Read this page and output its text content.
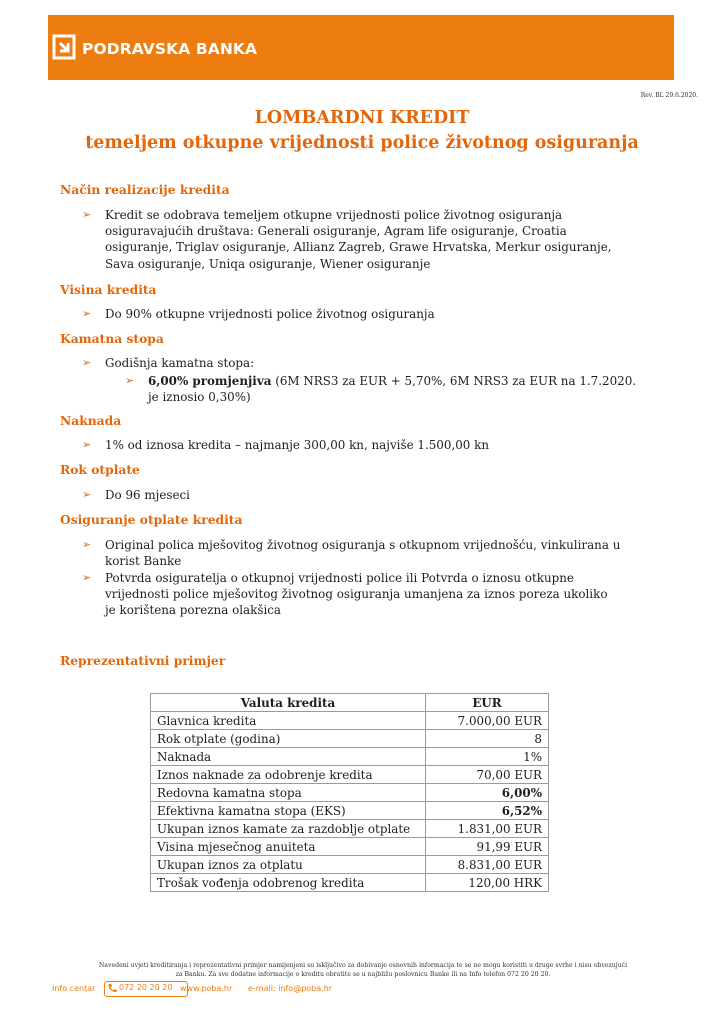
PODRAVSKA BANKA
Rev. BL 29.6.2020.
LOMBARDNI KREDIT
temeljem otkupne vrijednosti police životnog osiguranja
Način realizacije kredita
➢ Kredit se odobrava temeljem otkupne vrijednosti police životnog osiguranja

osiguravajućih društava: Generali osiguranje, Agram life osiguranje, Croatia

osiguranje, Triglav osiguranje, Allianz Zagreb, Grawe Hrvatska, Merkur osiguranje,

Sava osiguranje, Uniqa osiguranje, Wiener osiguranje

Visina kredita
➢ Do 90% otkupne vrijednosti police životnog osiguranja
Kamatna stopa
➢ Godišnja kamatna stopa:
➢ 6,00% promjenjiva (6M NRS3 za EUR + 5,70%, 6M NRS3 za EUR na 1.7.2020.

je iznosio 0,30%)

Naknada
➢ 1% od iznosa kredita – najmanje 300,00 kn, najviše 1.500,00 kn
Rok otplate
➢ Do 96 mjeseci
Osiguranje otplate kredita
➢ Original polica mješovitog životnog osiguranja s otkupnom vrijednošću, vinkulirana u

korist Banke

➢ Potvrda osiguratelja o otkupnoj vrijednosti police ili Potvrda o iznosu otkupne

vrijednosti police mješovitog životnog osiguranja umanjena za iznos poreza ukoliko

je korištena porezna olakšica

Reprezentativni primjer
Valuta kredita	EUR
Glavnica kredita	7.000,00 EUR
Rok otplate (godina)	8
Naknada	1%
Iznos naknade za odobrenje kredita	70,00 EUR
Redovna kamatna stopa	6,00%
Efektivna kamatna stopa (EKS)	6,52%
Ukupan iznos kamate za razdoblje otplate	1.831,00 EUR
Visina mjesečnog anuiteta	91,99 EUR
Ukupan iznos za otplatu	8.831,00 EUR
Trošak vođenja odobrenog kredita	120,00 HRK
Navedeni uvjeti kreditiranja i reprezentativni primjer namijenjeni su isključivo za dobivanje osnovnih informacija te se ne mogu koristiti u druge svrhe i nisu obvezujući
za Banku. Za sve dodatne informacije o kreditu obratite se u najbližu poslovnicu Banke ili na Info telefon 072 20 20 20.
Info centar	072 20 20 20 www.poba.hr e-mail: info@poba.hr
